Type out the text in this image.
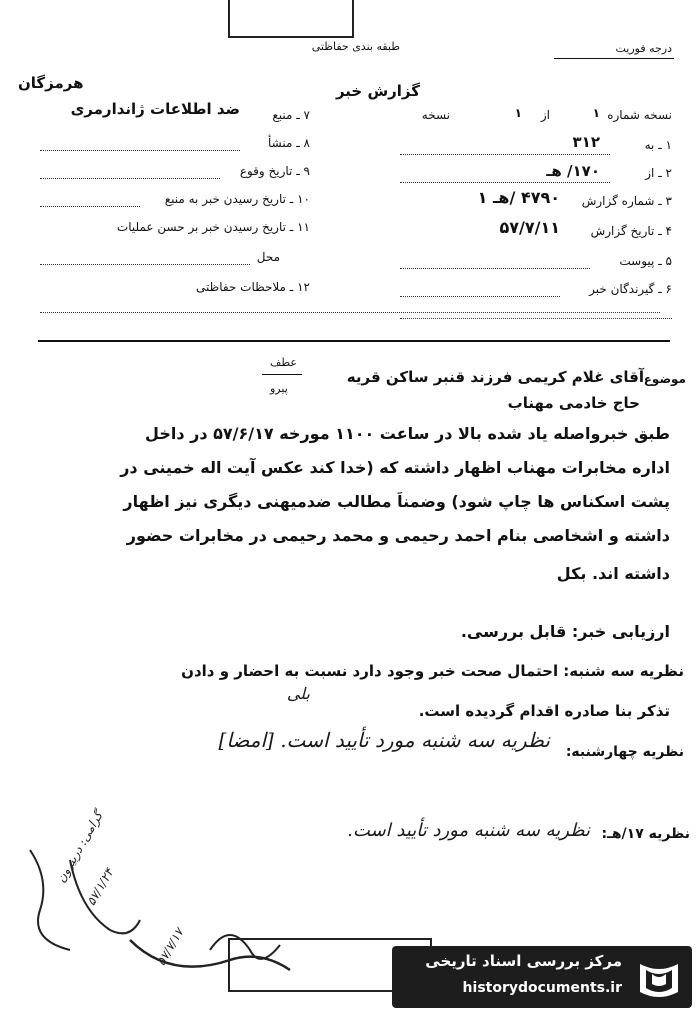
طبقه بندی حفاظتی	درجه فوریت
گزارش خبر
هرمزگان
نسخه شماره
۱
از
۱
نسخه
۱ ـ به
۳۱۲
۲ ـ از
۱۷۰/ هـ
۳ ـ شماره گزارش
۴۷۹۰ /هـ ۱
۴ ـ تاریخ گزارش
۵۷/۷/۱۱
۵ ـ پیوست
۶ ـ گیرندگان خبر
۷ ـ منبع
ضد اطلاعات ژاندارمری
۸ ـ منشأ
۹ ـ تاریخ وقوع
۱۰ ـ تاریخ رسیدن خبر به منبع
۱۱ ـ تاریخ رسیدن خبر بر حسن عملیات
محل
۱۲ ـ ملاحظات حفاظتی
عطف
پیرو
موضوع
آقای غلام کریمی فرزند قنبر ساکن قریه
حاج خادمی مهناب
طبق خبرواصله یاد شده بالا در ساعت ۱۱۰۰ مورخه ۵۷/۶/۱۷ در داخل
اداره مخابرات مهناب اظهار داشته که (خدا کند عکس آیت اله خمینی در
پشت اسکناس ها چاپ شود) وضمناً مطالب ضدمیهنی دیگری نیز اظهار
داشته و اشخاصی بنام احمد رحیمی و محمد رحیمی در مخابرات حضور
داشته اند. بکل
ارزیابی خبر: قابل بررسی.
نظریه سه شنبه: احتمال صحت خبر وجود دارد نسبت به احضار و دادن
تذکر بنا صادره اقدام گردیده است.
بلی
نظریه چهارشنبه:
نظریه سه شنبه مورد تأیید است. [امضا]
نظریه ۱۷/هـ:
نظریه سه شنبه مورد تأیید است.
گرامی: دربیرون
۵۷/۱/۲۴
۵۷/۷/۱۷	مرکز بررسی اسناد تاریخی
historydocuments.ir
